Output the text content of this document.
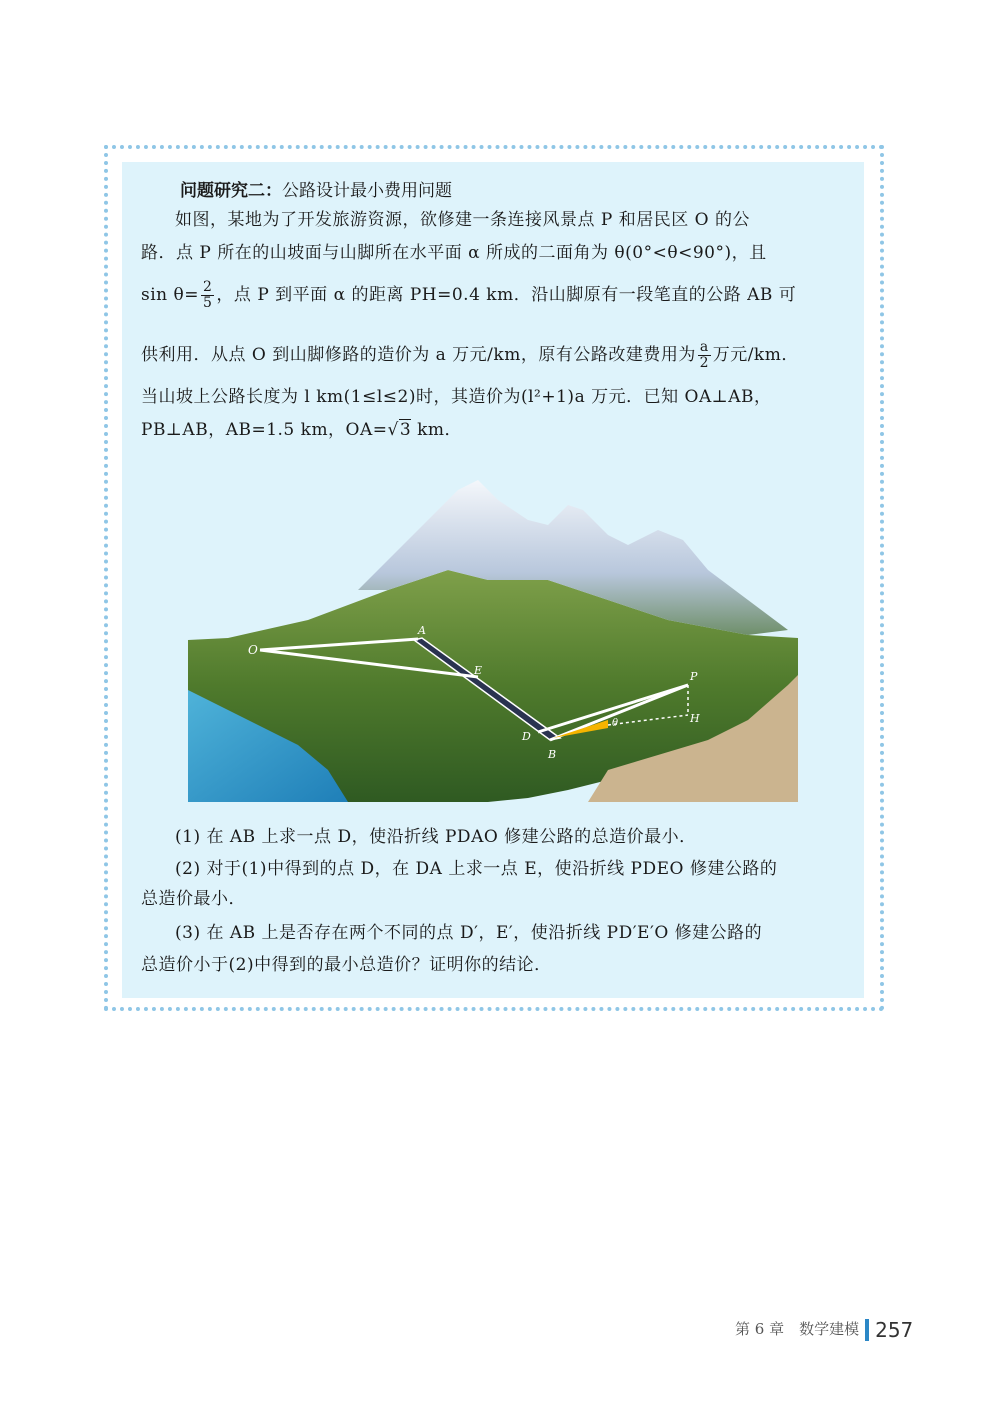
问题研究二：公路设计最小费用问题
如图，某地为了开发旅游资源，欲修建一条连接风景点 P 和居民区 O 的公
路．点 P 所在的山坡面与山脚所在水平面 α 所成的二面角为 θ(0°<θ<90°)，且
$\sin \theta= \frac{2}{5}$ ，点 P 到平面 α 的距离 PH=0.4 km．沿山脚原有一段笔直的公路 AB 可
供利用．从点 O 到山脚修路的造价为 a 万元/km，原有公路改建费用为 $\frac{a}{2}$ 万元/km．
当山坡上公路长度为 l km(1≤l≤2)时，其造价为(l²+1)a 万元．已知 OA⊥AB，
PB⊥AB，AB=1.5 km，OA=√3 km．
O
A
E
D
B
P
H
θ
(1) 在 AB 上求一点 D，使沿折线 PDAO 修建公路的总造价最小．
(2) 对于(1)中得到的点 D，在 DA 上求一点 E，使沿折线 PDEO 修建公路的
总造价最小．
(3) 在 AB 上是否存在两个不同的点 D′，E′，使沿折线 PD′E′O 修建公路的
总造价小于(2)中得到的最小总造价？证明你的结论．
第 6 章　数学建模 257
